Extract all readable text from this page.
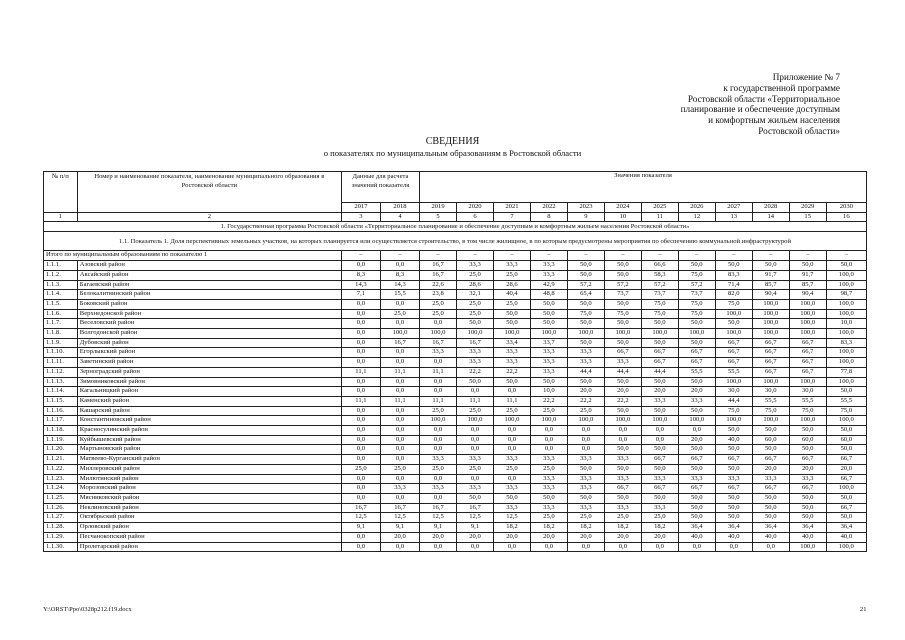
Приложение № 7
к государственной программе
Ростовской области «Территориальное
планирование и обеспечение доступным
и комфортным жильем населения
Ростовской области»
СВЕДЕНИЯ
о показателях по муниципальным образованиям в Ростовской области
№ п/п	Номер и наименование показателя, наименование муниципального образования в Ростовской области	Данные для расчета значений показателя		Значения показателя											
		2017	2018	2019	2020	2021	2022	2023	2024	2025	2026	2027	2028	2029	2030
1	2	3	4	5	6	7	8	9	10	11	12	13	14	15	16
1. Государственная программа Ростовской области «Территориальное планирование и обеспечение доступным и комфортным жильем населения Ростовской области»															
1.1. Показатель 1. Доля перспективных земельных участков, на которых планируется или осуществляется строительство, в том числе жилищное, в по которым предусмотрены мероприятия по обеспечению коммунальной инфраструктурой															
Итого по муниципальным образованиям по показателю 1		–	–	–	–	–	–	–	–	–	–	–	–	–	–
1.1.1.	Азовский район	0,0	0,0	16,7	33,3	33,3	33,3	50,0	50,0	66,6	50,0	50,0	50,0	50,0	50,0
1.1.2.	Аксайский район	8,3	8,3	16,7	25,0	25,0	33,3	50,0	50,0	58,3	75,0	83,3	91,7	91,7	100,0
1.1.3.	Багаевский район	14,3	14,3	22,6	28,6	28,6	42,9	57,2	57,2	57,2	57,2	71,4	85,7	85,7	100,0
1.1.4.	Белокалитвинский район	7,1	15,5	23,8	32,1	40,4	48,8	65,4	73,7	73,7	73,7	82,0	90,4	90,4	98,7
1.1.5.	Боковский район	0,0	0,0	25,0	25,0	25,0	50,0	50,0	50,0	75,0	75,0	75,0	100,0	100,0	100,0
1.1.6.	Верхнедонской район	0,0	25,0	25,0	25,0	50,0	50,0	75,0	75,0	75,0	75,0	100,0	100,0	100,0	100,0
1.1.7.	Веселовский район	0,0	0,0	0,0	50,0	50,0	50,0	50,0	50,0	50,0	50,0	50,0	100,0	100,0	10,0
1.1.8.	Волгодонской район	0,0	100,0	100,0	100,0	100,0	100,0	100,0	100,0	100,0	100,0	100,0	100,0	100,0	100,0
1.1.9.	Дубовский район	0,0	16,7	16,7	16,7	33,4	33,7	50,0	50,0	50,0	50,0	66,7	66,7	66,7	83,3
1.1.10.	Егорлыкский район	0,0	0,0	33,3	33,3	33,3	33,3	33,3	66,7	66,7	66,7	66,7	66,7	66,7	100,0
1.1.11.	Заветинский район	0,0	0,0	0,0	33,3	33,3	33,3	33,3	33,3	66,7	66,7	66,7	66,7	66,7	100,0
1.1.12.	Зерноградский район	11,1	11,1	11,1	22,2	22,2	33,3	44,4	44,4	44,4	55,5	55,5	66,7	66,7	77,8
1.1.13.	Зимовниковский район	0,0	0,0	0,0	50,0	50,0	50,0	50,0	50,0	50,0	50,0	100,0	100,0	100,0	100,0
1.1.14.	Кагальницкий район	0,0	0,0	0,0	0,0	0,0	10,0	20,0	20,0	20,0	20,0	30,0	30,0	30,0	50,0
1.1.15.	Каменский район	11,1	11,1	11,1	11,1	11,1	22,2	22,2	22,2	33,3	33,3	44,4	55,5	55,5	55,5
1.1.16.	Кашарский район	0,0	0,0	25,0	25,0	25,0	25,0	25,0	50,0	50,0	50,0	75,0	75,0	75,0	75,0
1.1.17.	Константиновский район	0,0	0,0	100,0	100,0	100,0	100,0	100,0	100,0	100,0	100,0	100,0	100,0	100,0	100,0
1.1.18.	Красносулинский район	0,0	0,0	0,0	0,0	0,0	0,0	0,0	0,0	0,0	0,0	50,0	50,0	50,0	50,0
1.1.19.	Куйбышевский район	0,0	0,0	0,0	0,0	0,0	0,0	0,0	0,0	0,0	20,0	40,0	60,0	60,0	60,0
1.1.20.	Мартыновский район	0,0	0,0	0,0	0,0	0,0	0,0	0,0	50,0	50,0	50,0	50,0	50,0	50,0	50,0
1.1.21.	Матвеево-Курганский район	0,0	0,0	33,3	33,3	33,3	33,3	33,3	33,3	66,7	66,7	66,7	66,7	66,7	66,7
1.1.22.	Миллеровский район	25,0	25,0	25,0	25,0	25,0	25,0	50,0	50,0	50,0	50,0	50,0	20,0	20,0	20,0
1.1.23.	Милютинский район	0,0	0,0	0,0	0,0	0,0	33,3	33,3	33,3	33,3	33,3	33,3	33,3	33,3	66,7
1.1.24.	Морозовский район	0,0	33,3	33,3	33,3	33,3	33,3	33,3	66,7	66,7	66,7	66,7	66,7	66,7	100,0
1.1.25.	Мясниковский район	0,0	0,0	0,0	50,0	50,0	50,0	50,0	50,0	50,0	50,0	50,0	50,0	50,0	50,0
1.1.26.	Неклиновский район	16,7	16,7	16,7	16,7	33,3	33,3	33,3	33,3	33,3	50,0	50,0	50,0	50,0	66,7
1.1.27.	Октябрьский район	12,5	12,5	12,5	12,5	12,5	25,0	25,0	25,0	25,0	50,0	50,0	50,0	50,0	50,0
1.1.28.	Орловский район	9,1	9,1	9,1	9,1	18,2	18,2	18,2	18,2	18,2	36,4	36,4	36,4	36,4	36,4
1.1.29.	Песчанокопский район	0,0	20,0	20,0	20,0	20,0	20,0	20,0	20,0	20,0	40,0	40,0	40,0	40,0	40,0
1.1.30.	Пролетарский район	0,0	0,0	0,0	0,0	0,0	0,0	0,0	0,0	0,0	0,0	0,0	0,0	100,0	100,0
Y:\ORST\Ppo\0328p212.f19.docx	21
